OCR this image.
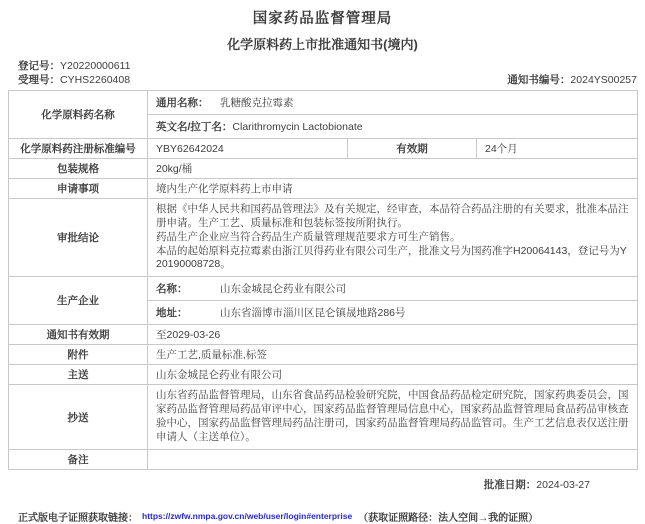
国家药品监督管理局
化学原料药上市批准通知书(境内)
登记号：Y20220000611
受理号：CYHS2260408	通知书编号：2024YS00257
化学原料药名称	通用名称： 乳糖酸克拉霉素		

	英文名/拉丁名： Clarithromycin Lactobionate		

化学原料药注册标准编号	YBY62642024	有效期	24个月
包装规格	20kg/桶		
申请事项	境内生产化学原料药上市申请		
审批结论	根据《中华人民共和国药品管理法》及有关规定，经审查，本品符合药品注册的有关要求，批准本品注册申请。生产工艺、质量标准和包装标签按所附执行。
药品生产企业应当符合药品生产质量管理规范要求方可生产销售。
本品的起始原料克拉霉素由浙江贝得药业有限公司生产，批准文号为国药准字H20064143，登记号为Y20190008728。		

生产企业	名称： 山东金城昆仑药业有限公司		

	地址： 山东省淄博市淄川区昆仑镇晟地路286号		

通知书有效期	至2029-03-26		
附件	生产工艺,质量标准,标签		
主送	山东金城昆仑药业有限公司		
抄送	山东省药品监督管理局，山东省食品药品检验研究院，中国食品药品检定研究院，国家药典委员会，国家药品监督管理局药品审评中心，国家药品监督管理局信息中心，国家药品监督管理局食品药品审核查验中心，国家药品监督管理局药品注册司，国家药品监督管理局药品监管司。生产工艺信息表仅送注册申请人（主送单位）。		

备注			
批准日期：2024-03-27
正式版电子证照获取链接： https://zwfw.nmpa.gov.cn/web/user/login#enterprise （获取证照路径：法人空间→我的证照）
